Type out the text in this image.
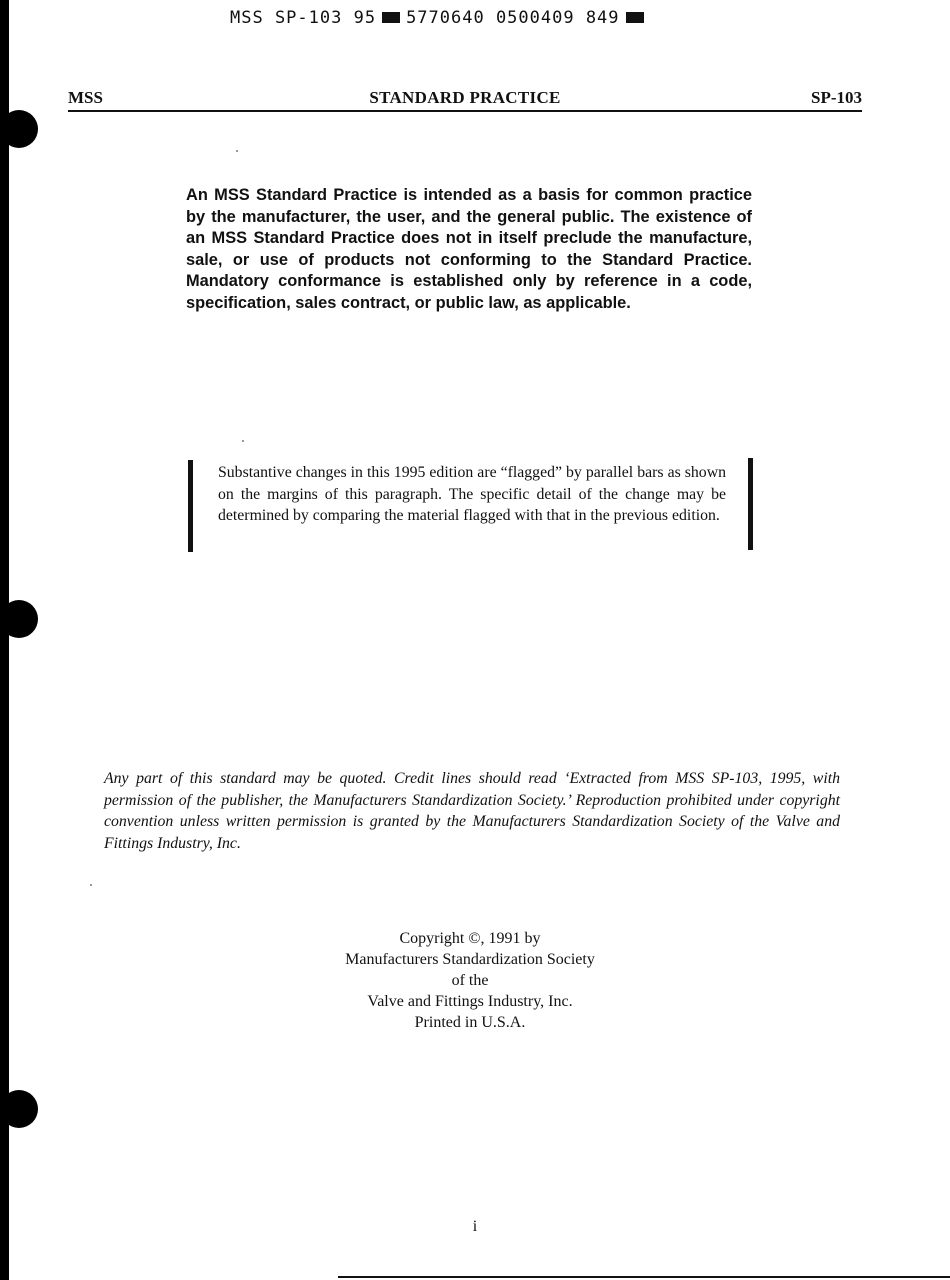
MSS SP-103 95 5770640 0500409 849
MSS	STANDARD PRACTICE	SP-103
An MSS Standard Practice is intended as a basis for common practice by the manufacturer, the user, and the general public. The existence of an MSS Standard Practice does not in itself preclude the manufacture, sale, or use of products not conforming to the Standard Practice. Mandatory conformance is established only by reference in a code, specification, sales contract, or public law, as applicable.
Substantive changes in this 1995 edition are “flagged” by parallel bars as shown on the margins of this paragraph. The specific detail of the change may be determined by comparing the material flagged with that in the previous edition.
Any part of this standard may be quoted. Credit lines should read ‘Extracted from MSS SP-103, 1995, with permission of the publisher, the Manufacturers Standardization Society.’ Reproduction prohibited under copyright convention unless written permission is granted by the Manufacturers Standardization Society of the Valve and Fittings Industry, Inc.
Copyright ©, 1991 by
Manufacturers Standardization Society
of the
Valve and Fittings Industry, Inc.
Printed in U.S.A.
i
